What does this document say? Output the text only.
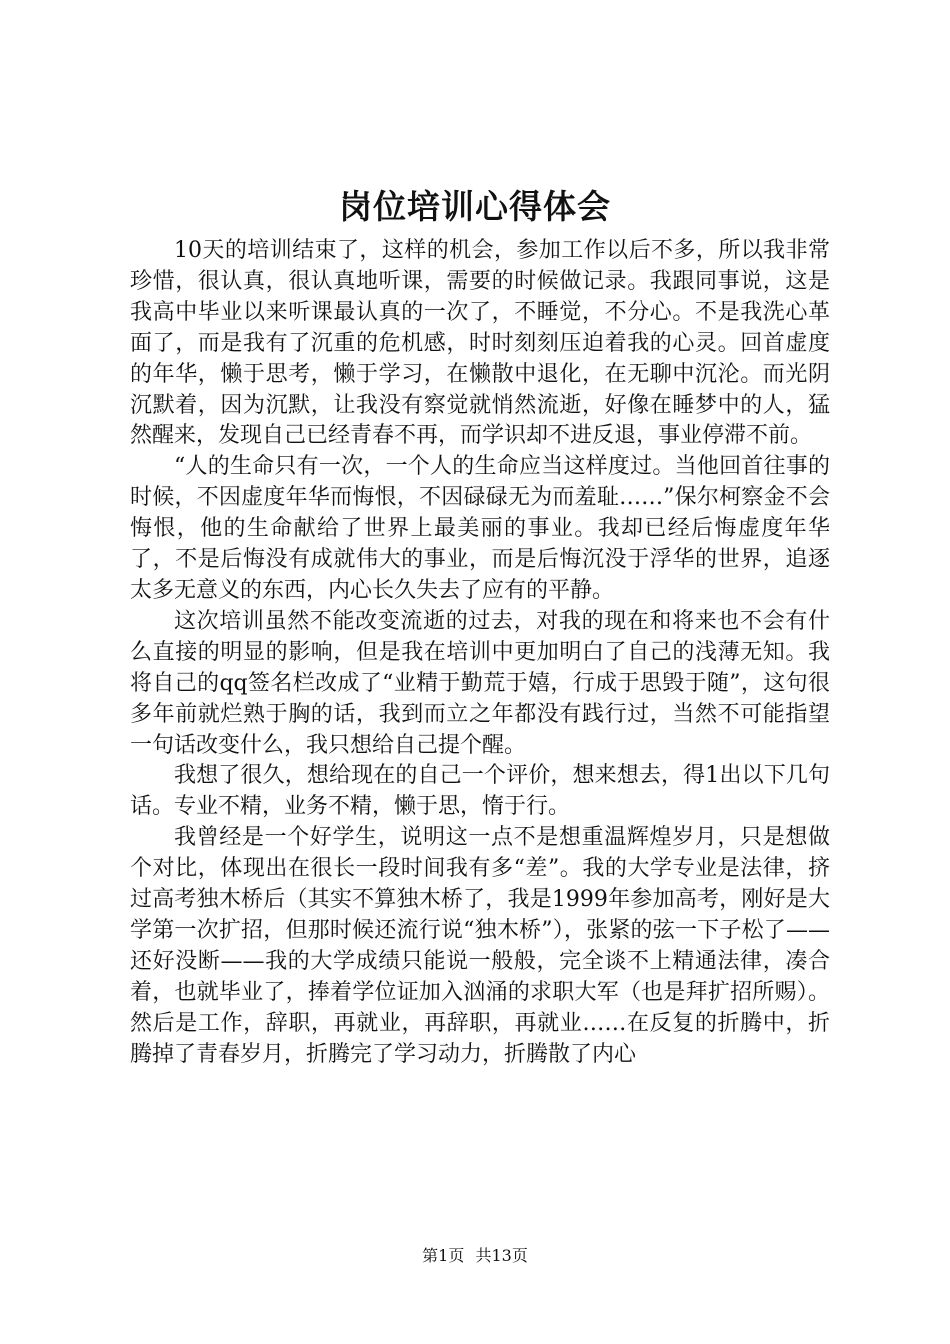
岗位培训心得体会

10天的培训结束了，这样的机会，参加工作以后不多，所以我非常珍惜，很认真，很认真地听课，需要的时候做记录。我跟同事说，这是我高中毕业以来听课最认真的一次了，不睡觉，不分心。不是我洗心革面了，而是我有了沉重的危机感，时时刻刻压迫着我的心灵。回首虚度的年华，懒于思考，懒于学习，在懒散中退化，在无聊中沉沦。而光阴沉默着，因为沉默，让我没有察觉就悄然流逝，好像在睡梦中的人，猛然醒来，发现自己已经青春不再，而学识却不进反退，事业停滞不前。

“人的生命只有一次，一个人的生命应当这样度过。当他回首往事的时候，不因虚度年华而悔恨，不因碌碌无为而羞耻……”保尔柯察金不会悔恨，他的生命献给了世界上最美丽的事业。我却已经后悔虚度年华了，不是后悔没有成就伟大的事业，而是后悔沉没于浮华的世界，追逐太多无意义的东西，内心长久失去了应有的平静。

这次培训虽然不能改变流逝的过去，对我的现在和将来也不会有什么直接的明显的影响，但是我在培训中更加明白了自己的浅薄无知。我将自己的qq签名栏改成了“业精于勤荒于嬉，行成于思毁于随”，这句很多年前就烂熟于胸的话，我到而立之年都没有践行过，当然不可能指望一句话改变什么，我只想给自己提个醒。

我想了很久，想给现在的自己一个评价，想来想去，得1出以下几句话。专业不精，业务不精，懒于思，惰于行。

我曾经是一个好学生，说明这一点不是想重温辉煌岁月，只是想做个对比，体现出在很长一段时间我有多“差”。我的大学专业是法律，挤过高考独木桥后（其实不算独木桥了，我是1999年参加高考，刚好是大学第一次扩招，但那时候还流行说“独木桥”），张紧的弦一下子松了——还好没断——我的大学成绩只能说一般般，完全谈不上精通法律，凑合着，也就毕业了，捧着学位证加入汹涌的求职大军（也是拜扩招所赐）。然后是工作，辞职，再就业，再辞职，再就业……在反复的折腾中，折腾掉了青春岁月，折腾完了学习动力，折腾散了内心

第1页 共13页
